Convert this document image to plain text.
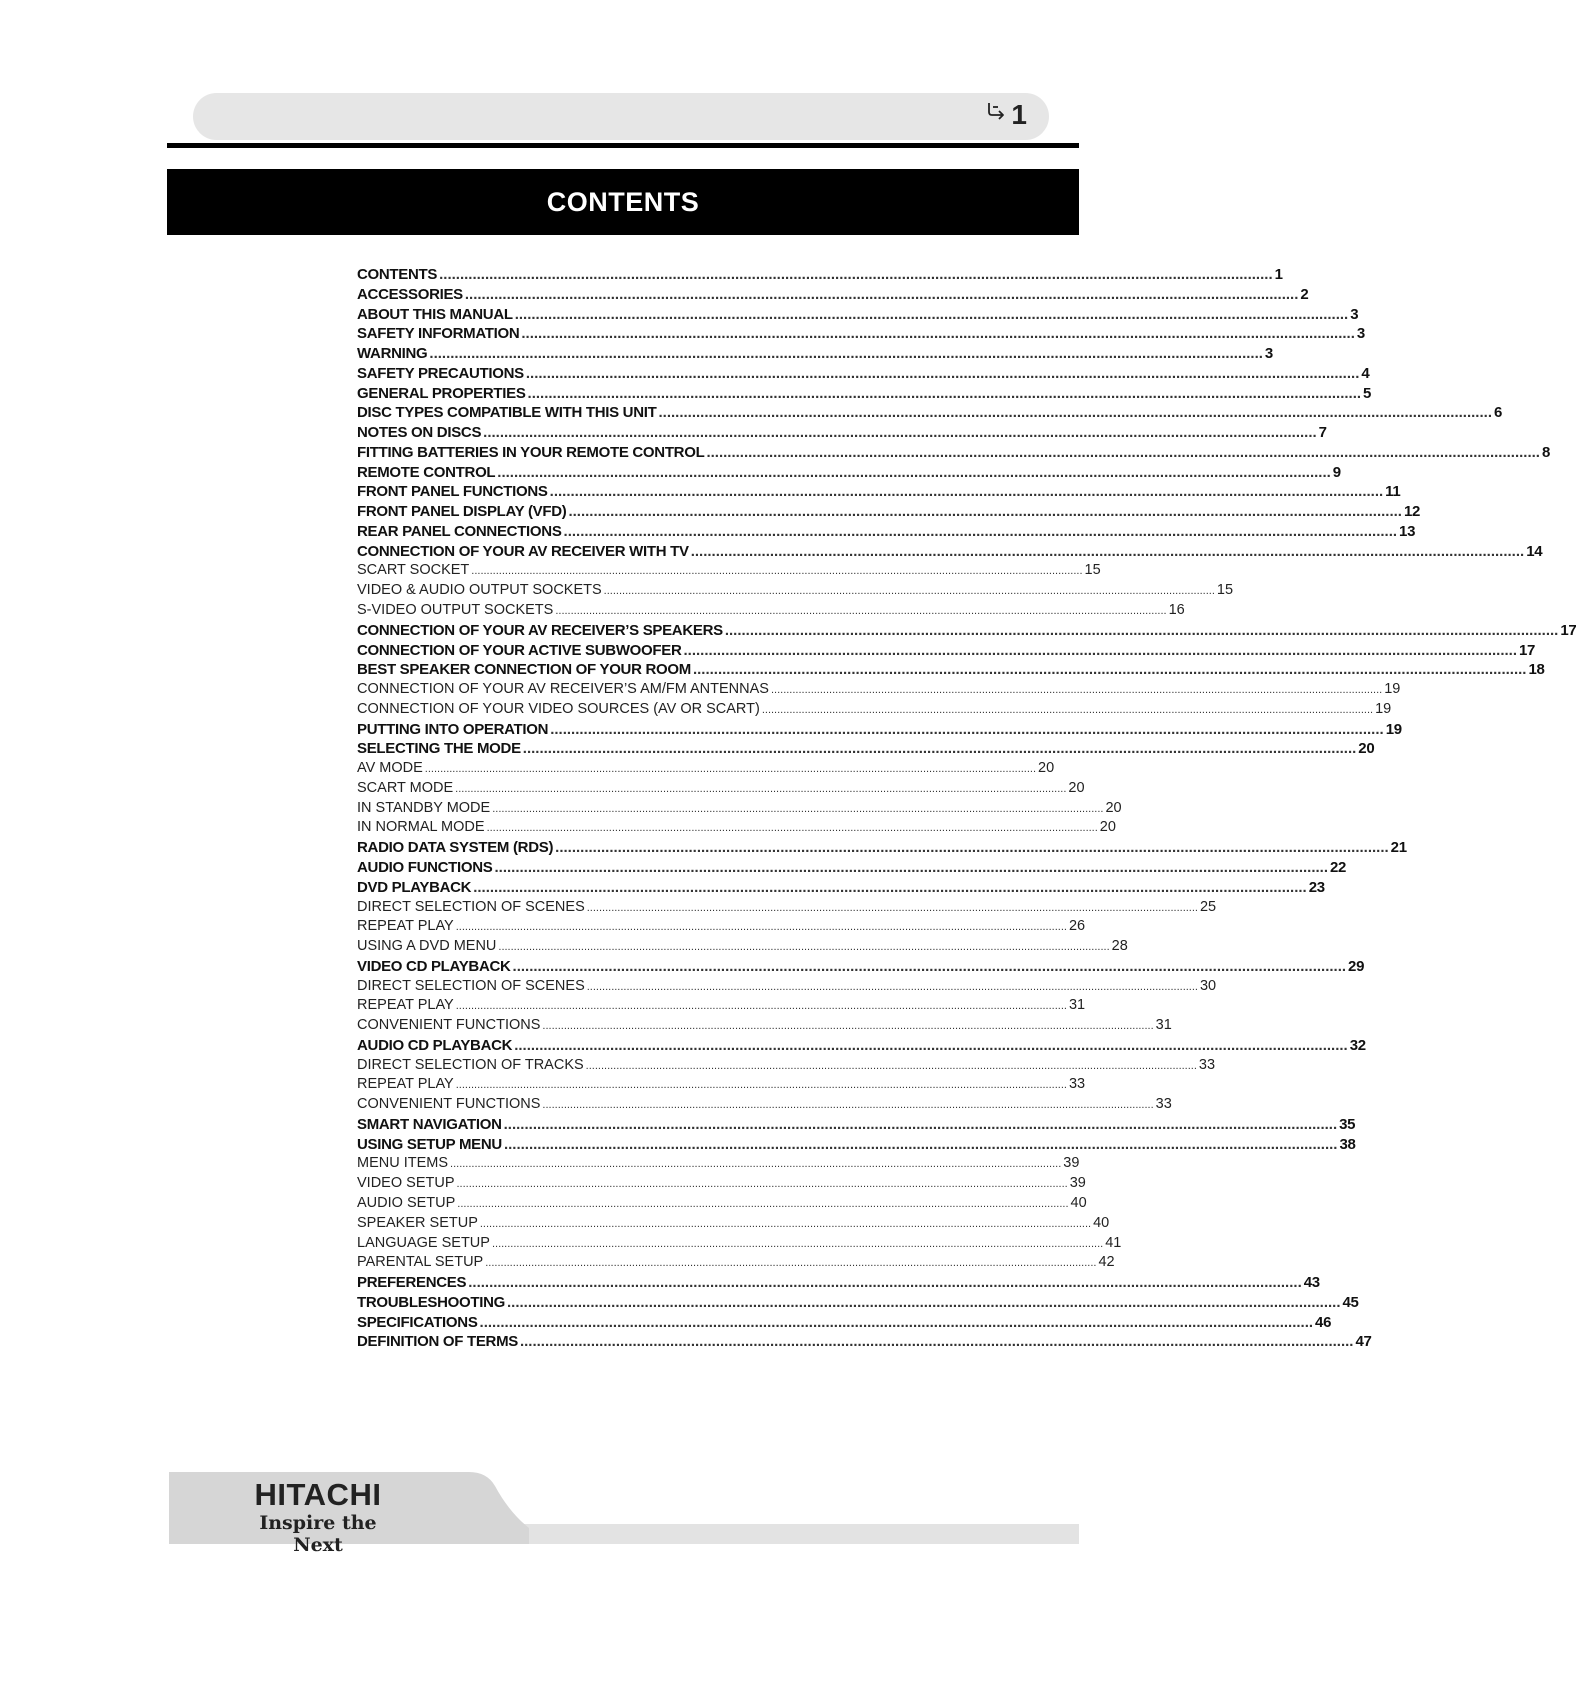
1
CONTENTS
CONTENTS ........................................................................................................................................................................................................ 1
ACCESSORIES ........................................................................................................................................................................................................ 2
ABOUT THIS MANUAL ........................................................................................................................................................................................................ 3
SAFETY INFORMATION ........................................................................................................................................................................................................ 3
WARNING ........................................................................................................................................................................................................ 3
SAFETY PRECAUTIONS ........................................................................................................................................................................................................ 4
GENERAL PROPERTIES ........................................................................................................................................................................................................ 5
DISC TYPES COMPATIBLE WITH THIS UNIT ........................................................................................................................................................................................................ 6
NOTES ON DISCS ........................................................................................................................................................................................................ 7
FITTING BATTERIES IN YOUR REMOTE CONTROL ........................................................................................................................................................................................................ 8
REMOTE CONTROL ........................................................................................................................................................................................................ 9
FRONT PANEL FUNCTIONS ........................................................................................................................................................................................................ 11
FRONT PANEL DISPLAY (VFD) ........................................................................................................................................................................................................ 12
REAR PANEL CONNECTIONS ........................................................................................................................................................................................................ 13
CONNECTION OF YOUR AV RECEIVER WITH TV ........................................................................................................................................................................................................ 14
SCART SOCKET ........................................................................................................................................................................................................ 15
VIDEO & AUDIO OUTPUT SOCKETS ........................................................................................................................................................................................................ 15
S-VIDEO OUTPUT SOCKETS ........................................................................................................................................................................................................ 16
CONNECTION OF YOUR AV RECEIVER’S SPEAKERS ........................................................................................................................................................................................................ 17
CONNECTION OF YOUR ACTIVE SUBWOOFER ........................................................................................................................................................................................................ 17
BEST SPEAKER CONNECTION OF YOUR ROOM ........................................................................................................................................................................................................ 18
CONNECTION OF YOUR AV RECEIVER’S AM/FM ANTENNAS ........................................................................................................................................................................................................ 19
CONNECTION OF YOUR VIDEO SOURCES (AV OR SCART) ........................................................................................................................................................................................................ 19
PUTTING INTO OPERATION ........................................................................................................................................................................................................ 19
SELECTING THE MODE ........................................................................................................................................................................................................ 20
AV MODE ........................................................................................................................................................................................................ 20
SCART MODE ........................................................................................................................................................................................................ 20
IN STANDBY MODE ........................................................................................................................................................................................................ 20
IN NORMAL MODE ........................................................................................................................................................................................................ 20
RADIO DATA SYSTEM (RDS) ........................................................................................................................................................................................................ 21
AUDIO FUNCTIONS ........................................................................................................................................................................................................ 22
DVD PLAYBACK ........................................................................................................................................................................................................ 23
DIRECT SELECTION OF SCENES ........................................................................................................................................................................................................ 25
REPEAT PLAY ........................................................................................................................................................................................................ 26
USING A DVD MENU ........................................................................................................................................................................................................ 28
VIDEO CD PLAYBACK ........................................................................................................................................................................................................ 29
DIRECT SELECTION OF SCENES ........................................................................................................................................................................................................ 30
REPEAT PLAY ........................................................................................................................................................................................................ 31
CONVENIENT FUNCTIONS ........................................................................................................................................................................................................ 31
AUDIO CD PLAYBACK ........................................................................................................................................................................................................ 32
DIRECT SELECTION OF TRACKS ........................................................................................................................................................................................................ 33
REPEAT PLAY ........................................................................................................................................................................................................ 33
CONVENIENT FUNCTIONS ........................................................................................................................................................................................................ 33
SMART NAVIGATION ........................................................................................................................................................................................................ 35
USING SETUP MENU ........................................................................................................................................................................................................ 38
MENU ITEMS ........................................................................................................................................................................................................ 39
VIDEO SETUP ........................................................................................................................................................................................................ 39
AUDIO SETUP ........................................................................................................................................................................................................ 40
SPEAKER SETUP ........................................................................................................................................................................................................ 40
LANGUAGE SETUP ........................................................................................................................................................................................................ 41
PARENTAL SETUP ........................................................................................................................................................................................................ 42
PREFERENCES ........................................................................................................................................................................................................ 43
TROUBLESHOOTING ........................................................................................................................................................................................................ 45
SPECIFICATIONS ........................................................................................................................................................................................................ 46
DEFINITION OF TERMS ........................................................................................................................................................................................................ 47
HITACHI
Inspire the Next
